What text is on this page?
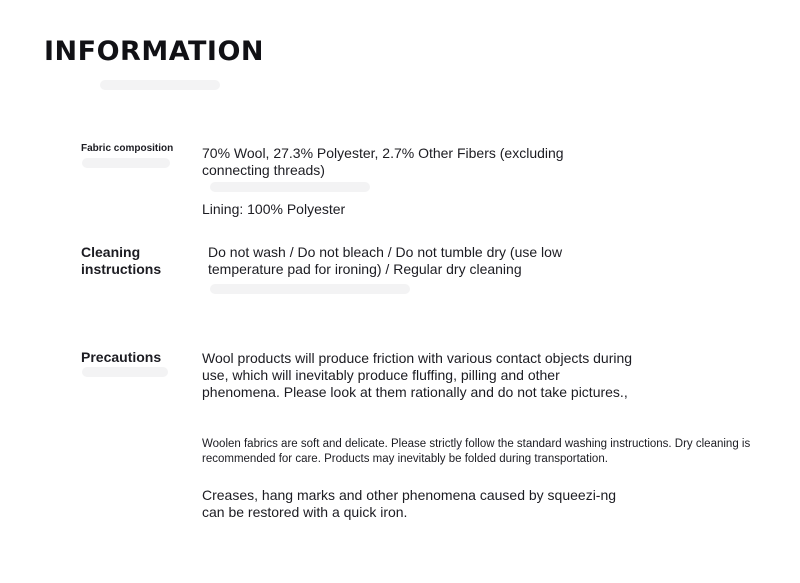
INFORMATION

Fabric composition 70% Wool, 27.3% Polyester, 2.7% Other Fibers (excluding connecting threads)

Lining: 100% Polyester

Cleaning instructions

Do not wash / Do not bleach / Do not tumble dry (use low temperature pad for ironing) / Regular dry cleaning

Precautions	Wool products will produce friction with various contact objects during use, which will inevitably produce fluffing, pilling and other phenomena. Please look at them rationally and do not take pictures.,

Woolen fabrics are soft and delicate. Please strictly follow the standard washing instructions. Dry cleaning is recommended for care. Products may inevitably be folded during transportation.

Creases, hang marks and other phenomena caused by squeezi-ng can be restored with a quick iron.
